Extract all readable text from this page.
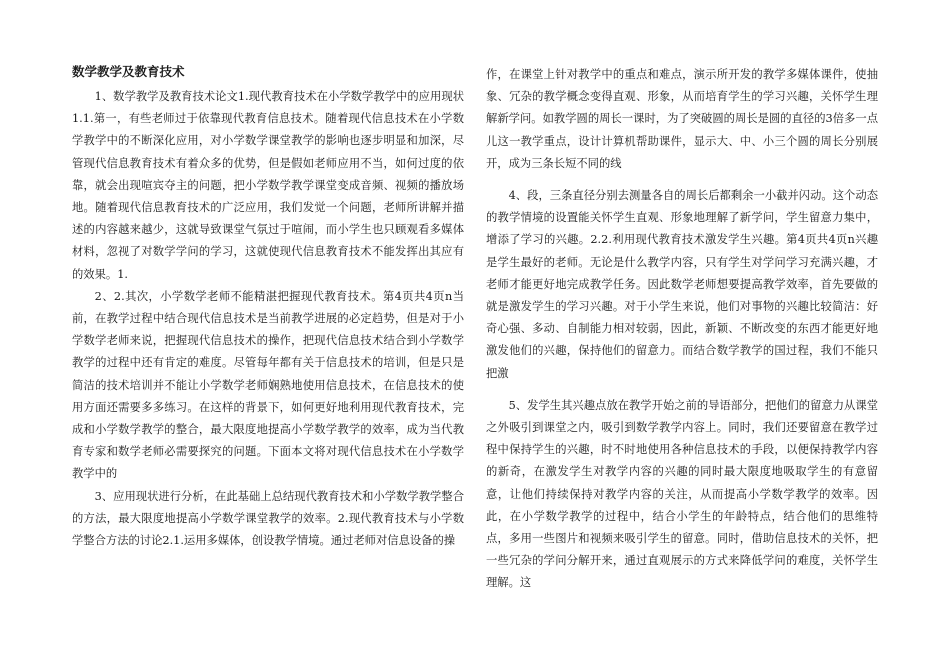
数学教学及教育技术

1、数学教学及教育技术论文1.现代教育技术在小学数学教学中的应用现状1.1.第一，有些老师过于依靠现代教育信息技术。随着现代信息技术在小学数学教学中的不断深化应用，对小学数学课堂教学的影响也逐步明显和加深，尽管现代信息教育技术有着众多的优势，但是假如老师应用不当，如何过度的依靠，就会出现喧宾夺主的问题，把小学数学教学课堂变成音频、视频的播放场地。随着现代信息教育技术的广泛应用，我们发觉一个问题，老师所讲解并描述的内容越来越少，这就导致课堂气氛过于喧闹，而小学生也只顾观看多媒体材料，忽视了对数学学问的学习，这就使现代信息教育技术不能发挥出其应有的效果。1.

2、2.其次，小学数学老师不能精湛把握现代教育技术。第4页共4页n当前，在教学过程中结合现代信息技术是当前教学进展的必定趋势，但是对于小学数学老师来说，把握现代信息技术的操作，把现代信息技术结合到小学数学教学的过程中还有肯定的难度。尽管每年都有关于信息技术的培训，但是只是简洁的技术培训并不能让小学数学老师娴熟地使用信息技术，在信息技术的使用方面还需要多多练习。在这样的背景下，如何更好地利用现代教育技术，完成和小学数学教学的整合，最大限度地提高小学数学教学的效率，成为当代教育专家和数学老师必需要探究的问题。下面本文将对现代信息技术在小学数学教学中的

3、应用现状进行分析，在此基础上总结现代教育技术和小学数学教学整合的方法，最大限度地提高小学数学课堂教学的效率。2.现代教育技术与小学数学整合方法的讨论2.1.运用多媒体，创设教学情境。通过老师对信息设备的操

作，在课堂上针对教学中的重点和难点，演示所开发的教学多媒体课件，使抽象、冗杂的教学概念变得直观、形象，从而培育学生的学习兴趣，关怀学生理解新学问。如教学圆的周长一课时，为了突破圆的周长是圆的直径的3倍多一点儿这一教学重点，设计计算机帮助课件，显示大、中、小三个圆的周长分别展开，成为三条长短不同的线

4、段，三条直径分别去测量各自的周长后都剩余一小截并闪动。这个动态的教学情境的设置能关怀学生直观、形象地理解了新学问，学生留意力集中，增添了学习的兴趣。2.2.利用现代教育技术激发学生兴趣。第4页共4页n兴趣是学生最好的老师。无论是什么教学内容，只有学生对学问学习充满兴趣，才老师才能更好地完成教学任务。因此数学老师想要提高教学效率，首先要做的就是激发学生的学习兴趣。对于小学生来说，他们对事物的兴趣比较简洁：好奇心强、多动、自制能力相对较弱，因此，新颖、不断改变的东西才能更好地激发他们的兴趣，保持他们的留意力。而结合数学教学的国过程，我们不能只把激

5、发学生其兴趣点放在教学开始之前的导语部分，把他们的留意力从课堂之外吸引到课堂之内，吸引到数学教学内容上。同时，我们还要留意在教学过程中保持学生的兴趣，时不时地使用各种信息技术的手段，以便保持教学内容的新奇，在激发学生对教学内容的兴趣的同时最大限度地吸取学生的有意留意，让他们持续保持对教学内容的关注，从而提高小学数学教学的效率。因此，在小学数学教学的过程中，结合小学生的年龄特点，结合他们的思维特点，多用一些图片和视频来吸引学生的留意。同时，借助信息技术的关怀，把一些冗杂的学问分解开来，通过直观展示的方式来降低学问的难度，关怀学生理解。这
